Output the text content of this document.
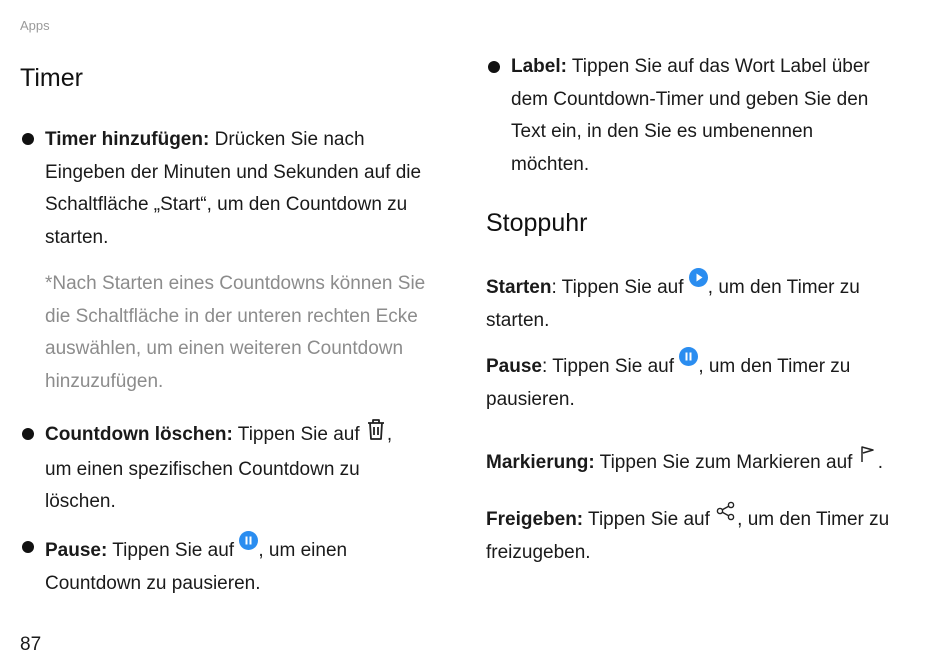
Apps
Timer
Timer hinzufügen: Drücken Sie nach
Eingeben der Minuten und Sekunden auf die
Schaltfläche „Start“, um den Countdown zu
starten.
*Nach Starten eines Countdowns können Sie
die Schaltfläche in der unteren rechten Ecke
auswählen, um einen weiteren Countdown
hinzuzufügen.
Countdown löschen: Tippen Sie auf ,
um einen spezifischen Countdown zu
löschen.
Pause: Tippen Sie auf
, um einen
Countdown zu pausieren.
Label: Tippen Sie auf das Wort Label über
dem Countdown-Timer und geben Sie den
Text ein, in den Sie es umbenennen
möchten.
Stoppuhr
Starten: Tippen Sie auf
, um den Timer zu
starten.
Pause: Tippen Sie auf
, um den Timer zu
pausieren.
Markierung: Tippen Sie zum Markieren auf .
Freigeben: Tippen Sie auf , um den Timer zu
freizugeben.
87
